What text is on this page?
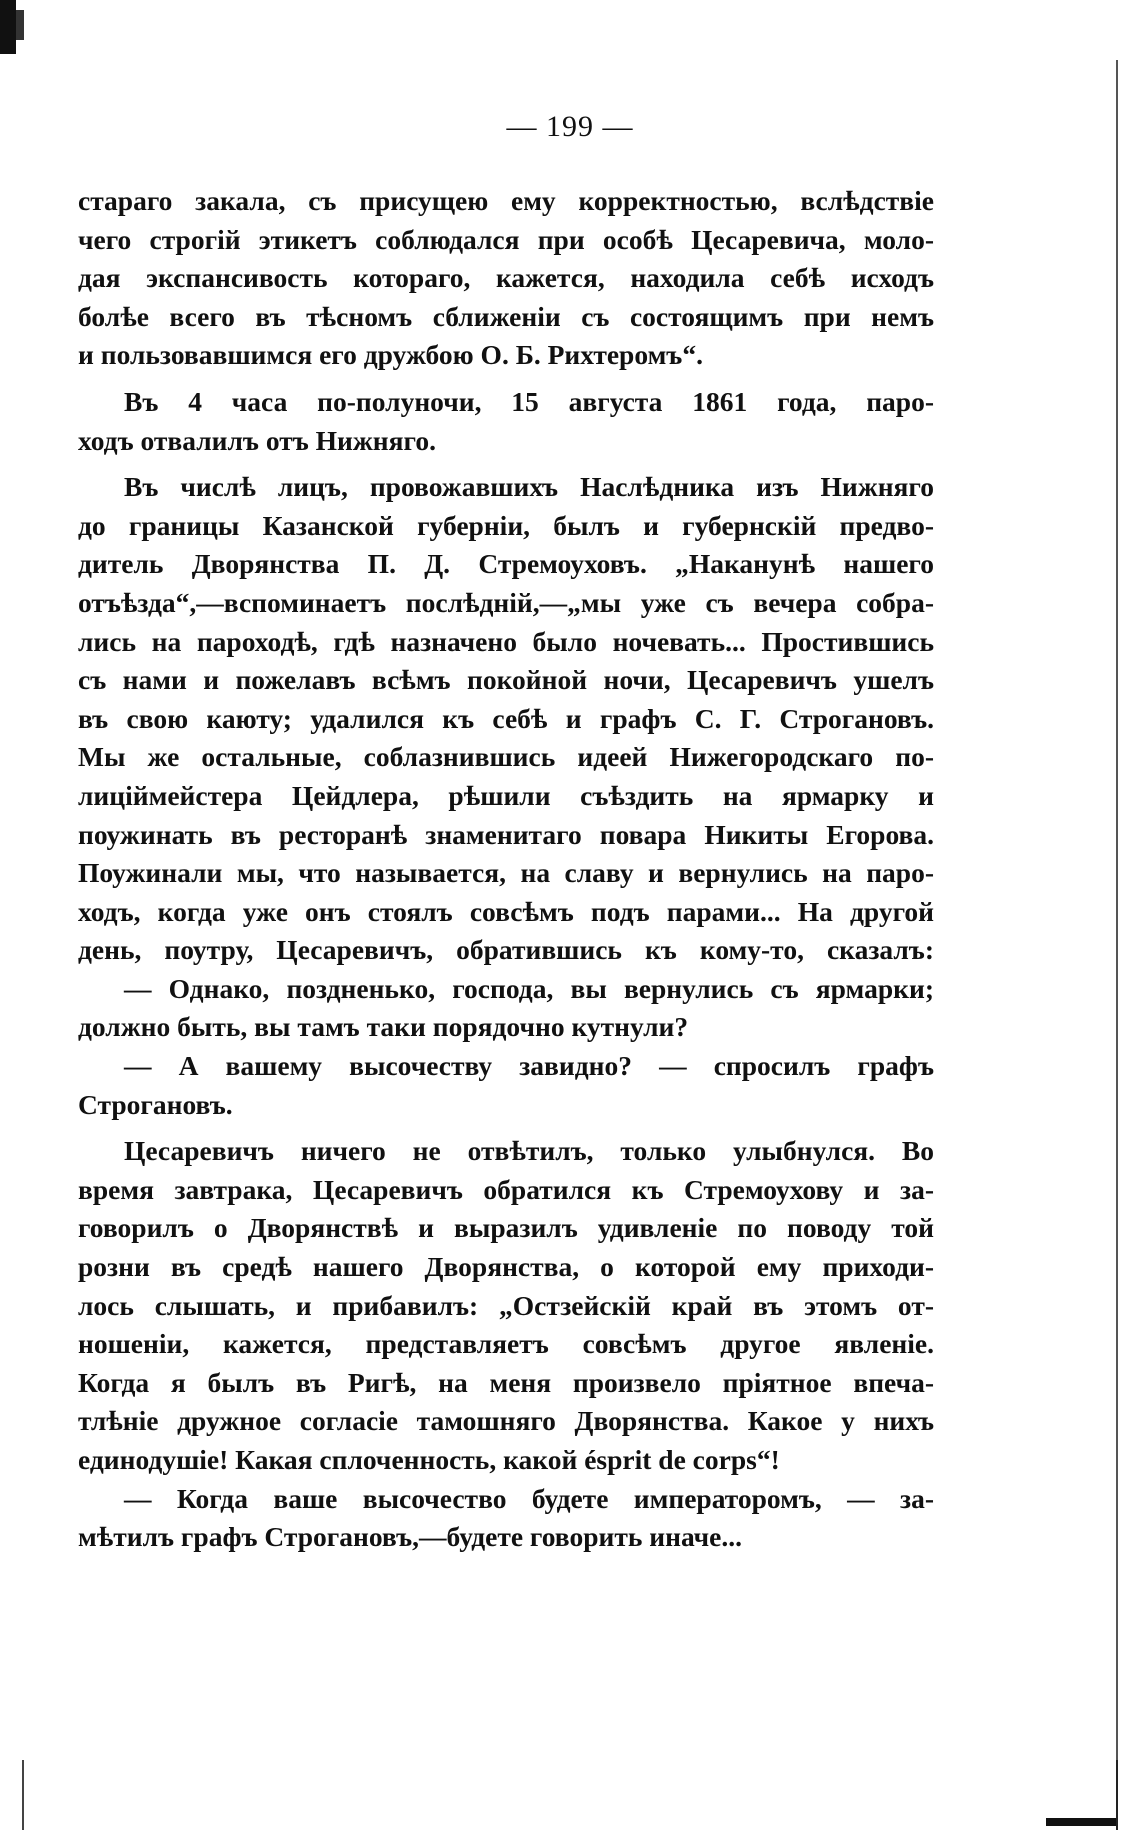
— 199 —
стараго закала, съ присущею ему корректностью, вслѣдствіе
чего строгій этикетъ соблюдался при особѣ Цесаревича, моло-
дая экспансивость котораго, кажется, находила себѣ исходъ
болѣе всего въ тѣсномъ сближеніи съ состоящимъ при немъ
и пользовавшимся его дружбою О. Б. Рихтеромъ“.
Въ 4 часа по-полуночи, 15 августа 1861 года, паро-
ходъ отвалилъ отъ Нижняго.
Въ числѣ лицъ, провожавшихъ Наслѣдника изъ Нижняго
до границы Казанской губерніи, былъ и губернскій предво-
дитель Дворянства П. Д. Стремоуховъ. „Наканунѣ нашего
отъѣзда“,—вспоминаетъ послѣдній,—„мы уже съ вечера собра-
лись на пароходѣ, гдѣ назначено было ночевать... Простившись
съ нами и пожелавъ всѣмъ покойной ночи, Цесаревичъ ушелъ
въ свою каюту; удалился къ себѣ и графъ С. Г. Строгановъ.
Мы же остальные, соблазнившись идеей Нижегородскаго по-
лиціймейстера Цейдлера, рѣшили съѣздить на ярмарку и
поужинать въ ресторанѣ знаменитаго повара Никиты Егорова.
Поужинали мы, что называется, на славу и вернулись на паро-
ходъ, когда уже онъ стоялъ совсѣмъ подъ парами... На другой
день, поутру, Цесаревичъ, обратившись къ кому-то, сказалъ:
— Однако, поздненько, господа, вы вернулись съ ярмарки;
должно быть, вы тамъ таки порядочно кутнули?
— А вашему высочеству завидно? — спросилъ графъ
Строгановъ.
Цесаревичъ ничего не отвѣтилъ, только улыбнулся. Во
время завтрака, Цесаревичъ обратился къ Стремоухову и за-
говорилъ о Дворянствѣ и выразилъ удивленіе по поводу той
розни въ средѣ нашего Дворянства, о которой ему приходи-
лось слышать, и прибавилъ: „Остзейскій край въ этомъ от-
ношеніи, кажется, представляетъ совсѣмъ другое явленіе.
Когда я былъ въ Ригѣ, на меня произвело пріятное впеча-
тлѣніе дружное согласіе тамошняго Дворянства. Какое у нихъ
единодушіе! Какая сплоченность, какой ésprit de corps“!
— Когда ваше высочество будете императоромъ, — за-
мѣтилъ графъ Строгановъ,—будете говорить иначе...
